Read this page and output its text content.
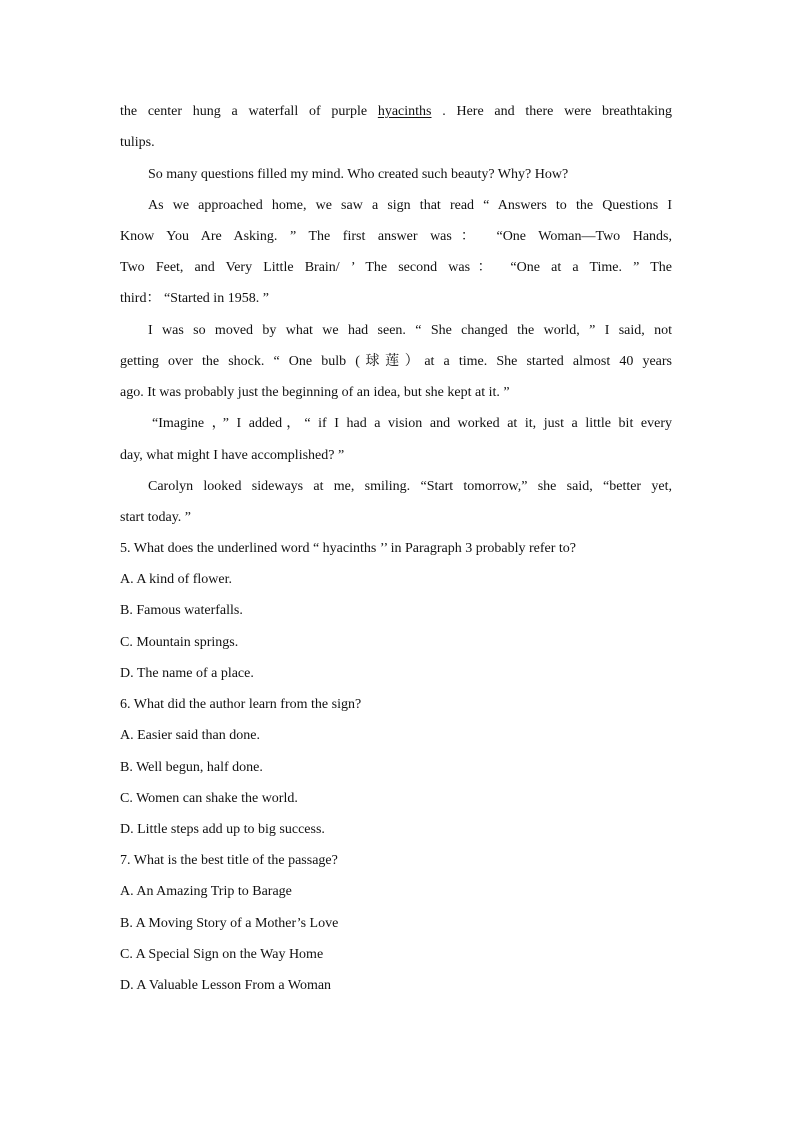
the center hung a waterfall of purple hyacinths . Here and there were breathtaking
tulips.
So many questions filled my mind. Who created such beauty? Why? How?
As we approached home, we saw a sign that read “ Answers to the Questions I
Know You Are Asking. ” The first answer was： “One Woman—Two Hands,
Two Feet, and Very Little Brain/ ’ The second was： “One at a Time. ” The
third： “Started in 1958. ”
I was so moved by what we had seen. “ She changed the world, ” I said, not
getting over the shock. “ One bulb (球莲）at a time. She started almost 40 years
ago. It was probably just the beginning of an idea, but she kept at it. ”
“Imagine ，” I added，“ if I had a vision and worked at it, just a little bit every
day, what might I have accomplished? ”
Carolyn looked sideways at me, smiling. “Start tomorrow,” she said, “better yet,
start today. ”
5. What does the underlined word “ hyacinths ’’ in Paragraph 3 probably refer to?
A. A kind of flower.
B. Famous waterfalls.
C. Mountain springs.
D. The name of a place.
6. What did the author learn from the sign?
A. Easier said than done.
B. Well begun, half done.
C. Women can shake the world.
D. Little steps add up to big success.
7. What is the best title of the passage?
A. An Amazing Trip to Barage
B. A Moving Story of a Mother’s Love
C. A Special Sign on the Way Home
D. A Valuable Lesson From a Woman
